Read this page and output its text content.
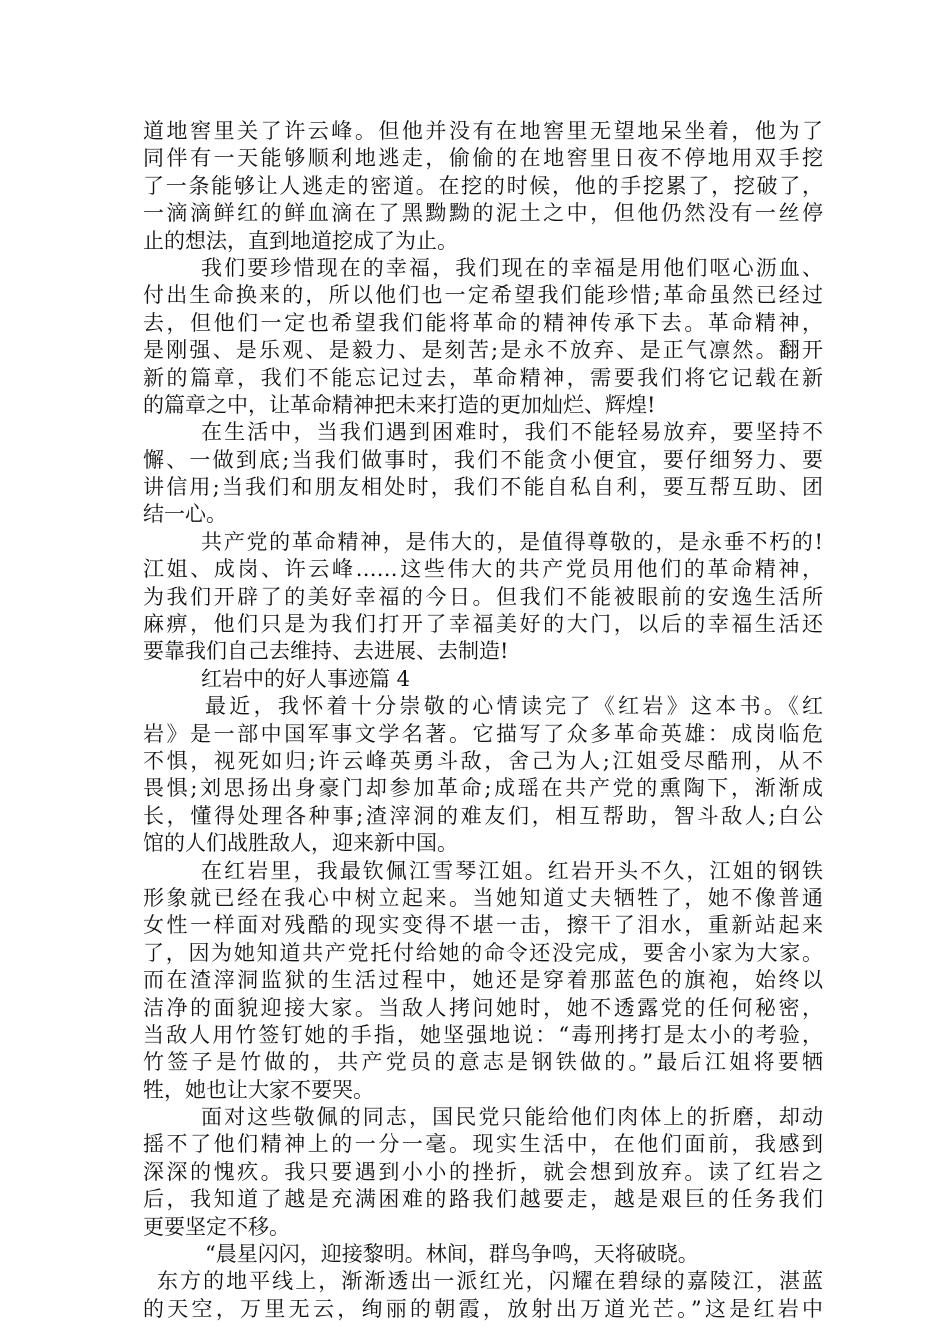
道地窖里关了许云峰。但他并没有在地窖里无望地呆坐着，他为了
同伴有一天能够顺利地逃走，偷偷的在地窖里日夜不停地用双手挖
了一条能够让人逃走的密道。在挖的时候，他的手挖累了，挖破了，
一滴滴鲜红的鲜血滴在了黑黝黝的泥土之中，但他仍然没有一丝停
止的想法，直到地道挖成了为止。
我们要珍惜现在的幸福，我们现在的幸福是用他们呕心沥血、
付出生命换来的，所以他们也一定希望我们能珍惜;革命虽然已经过
去，但他们一定也希望我们能将革命的精神传承下去。革命精神，
是刚强、是乐观、是毅力、是刻苦;是永不放弃、是正气凛然。翻开
新的篇章，我们不能忘记过去，革命精神，需要我们将它记载在新
的篇章之中，让革命精神把未来打造的更加灿烂、辉煌!
在生活中，当我们遇到困难时，我们不能轻易放弃，要坚持不
懈、一做到底;当我们做事时，我们不能贪小便宜，要仔细努力、要
讲信用;当我们和朋友相处时，我们不能自私自利，要互帮互助、团
结一心。
共产党的革命精神，是伟大的，是值得尊敬的，是永垂不朽的!
江姐、成岗、许云峰……这些伟大的共产党员用他们的革命精神，
为我们开辟了的美好幸福的今日。但我们不能被眼前的安逸生活所
麻痹，他们只是为我们打开了幸福美好的大门，以后的幸福生活还
要靠我们自己去维持、去进展、去制造!
红岩中的好人事迹篇 4
最近，我怀着十分崇敬的心情读完了《红岩》这本书。《红
岩》是一部中国军事文学名著。它描写了众多革命英雄：成岗临危
不惧，视死如归;许云峰英勇斗敌，舍己为人;江姐受尽酷刑，从不
畏惧;刘思扬出身豪门却参加革命;成瑶在共产党的熏陶下，渐渐成
长，懂得处理各种事;渣滓洞的难友们，相互帮助，智斗敌人;白公
馆的人们战胜敌人，迎来新中国。
在红岩里，我最钦佩江雪琴江姐。红岩开头不久，江姐的钢铁
形象就已经在我心中树立起来。当她知道丈夫牺牲了，她不像普通
女性一样面对残酷的现实变得不堪一击，擦干了泪水，重新站起来
了，因为她知道共产党托付给她的命令还没完成，要舍小家为大家。
而在渣滓洞监狱的生活过程中，她还是穿着那蓝色的旗袍，始终以
洁净的面貌迎接大家。当敌人拷问她时，她不透露党的任何秘密，
当敌人用竹签钉她的手指，她坚强地说：“毒刑拷打是太小的考验，
竹签子是竹做的，共产党员的意志是钢铁做的。”最后江姐将要牺
牲，她也让大家不要哭。
面对这些敬佩的同志，国民党只能给他们肉体上的折磨，却动
摇不了他们精神上的一分一毫。现实生活中，在他们面前，我感到
深深的愧疚。我只要遇到小小的挫折，就会想到放弃。读了红岩之
后，我知道了越是充满困难的路我们越要走，越是艰巨的任务我们
更要坚定不移。
“晨星闪闪，迎接黎明。林间，群鸟争鸣，天将破晓。
东方的地平线上，渐渐透出一派红光，闪耀在碧绿的嘉陵江，湛蓝
的天空，万里无云，绚丽的朝霞，放射出万道光芒。”这是红岩中
